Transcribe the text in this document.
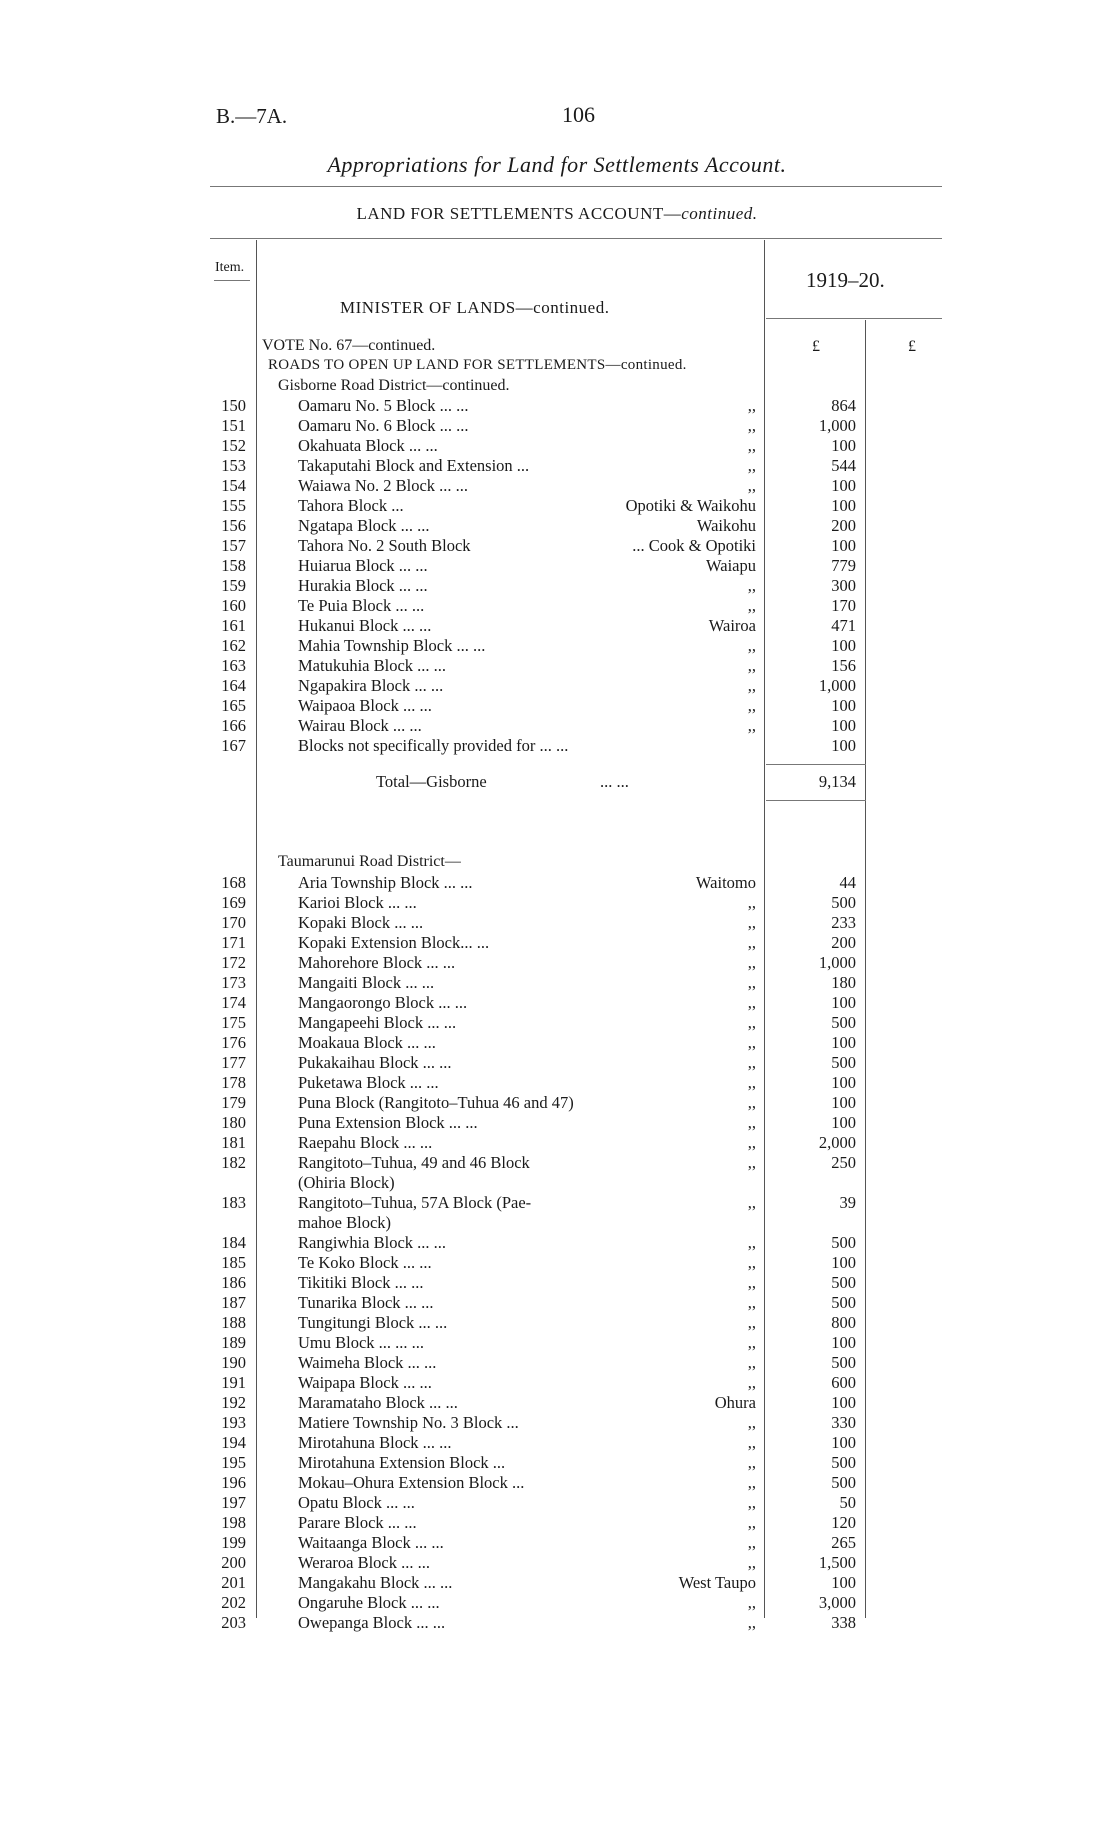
B.—7A.	106
Appropriations for Land for Settlements Account.
LAND FOR SETTLEMENTS ACCOUNT—continued.
Item.
1919–20.
MINISTER OF LANDS—continued.
£	£
VOTE No. 67—continued.
ROADS TO OPEN UP LAND FOR SETTLEMENTS—continued.
Gisborne Road District—continued.
150	Oamaru No. 5 Block ... ...	,,	864
151	Oamaru No. 6 Block ... ...	,,	1,000
152	Okahuata Block ... ...	,,	100
153	Takaputahi Block and Extension ...	,,	544
154	Waiawa No. 2 Block ... ...	,,	100
155	Tahora Block ...	Opotiki & Waikohu	100
156	Ngatapa Block ... ...	Waikohu	200
157	Tahora No. 2 South Block	... Cook & Opotiki	100
158	Huiarua Block ... ...	Waiapu	779
159	Hurakia Block ... ...	,,	300
160	Te Puia Block ... ...	,,	170
161	Hukanui Block ... ...	Wairoa	471
162	Mahia Township Block ... ...	,,	100
163	Matukuhia Block ... ...	,,	156
164	Ngapakira Block ... ...	,,	1,000
165	Waipaoa Block ... ...	,,	100
166	Wairau Block ... ...	,,	100
167	Blocks not specifically provided for ... ...	100
Total—Gisborne	... ...	9,134
Taumarunui Road District—
168	Aria Township Block ... ...	Waitomo	44
169	Karioi Block ... ...	,,	500
170	Kopaki Block ... ...	,,	233
171	Kopaki Extension Block... ...	,,	200
172	Mahorehore Block ... ...	,,	1,000
173	Mangaiti Block ... ...	,,	180
174	Mangaorongo Block ... ...	,,	100
175	Mangapeehi Block ... ...	,,	500
176	Moakaua Block ... ...	,,	100
177	Pukakaihau Block ... ...	,,	500
178	Puketawa Block ... ...	,,	100
179	Puna Block (Rangitoto–Tuhua 46 and 47)	,,	100
180	Puna Extension Block ... ...	,,	100
181	Raepahu Block ... ...	,,	2,000
182	Rangitoto–Tuhua, 49 and 46 Block	,,	250
(Ohiria Block)
183	Rangitoto–Tuhua, 57A Block (Pae-	,,	39
mahoe Block)
184	Rangiwhia Block ... ...	,,	500
185	Te Koko Block ... ...	,,	100
186	Tikitiki Block ... ...	,,	500
187	Tunarika Block ... ...	,,	500
188	Tungitungi Block ... ...	,,	800
189	Umu Block ... ... ...	,,	100
190	Waimeha Block ... ...	,,	500
191	Waipapa Block ... ...	,,	600
192	Maramataho Block ... ...	Ohura	100
193	Matiere Township No. 3 Block ...	,,	330
194	Mirotahuna Block ... ...	,,	100
195	Mirotahuna Extension Block ...	,,	500
196	Mokau–Ohura Extension Block ...	,,	500
197	Opatu Block ... ...	,,	50
198	Parare Block ... ...	,,	120
199	Waitaanga Block ... ...	,,	265
200	Weraroa Block ... ...	,,	1,500
201	Mangakahu Block ... ...	West Taupo	100
202	Ongaruhe Block ... ...	,,	3,000
203	Owepanga Block ... ...	,,	338
